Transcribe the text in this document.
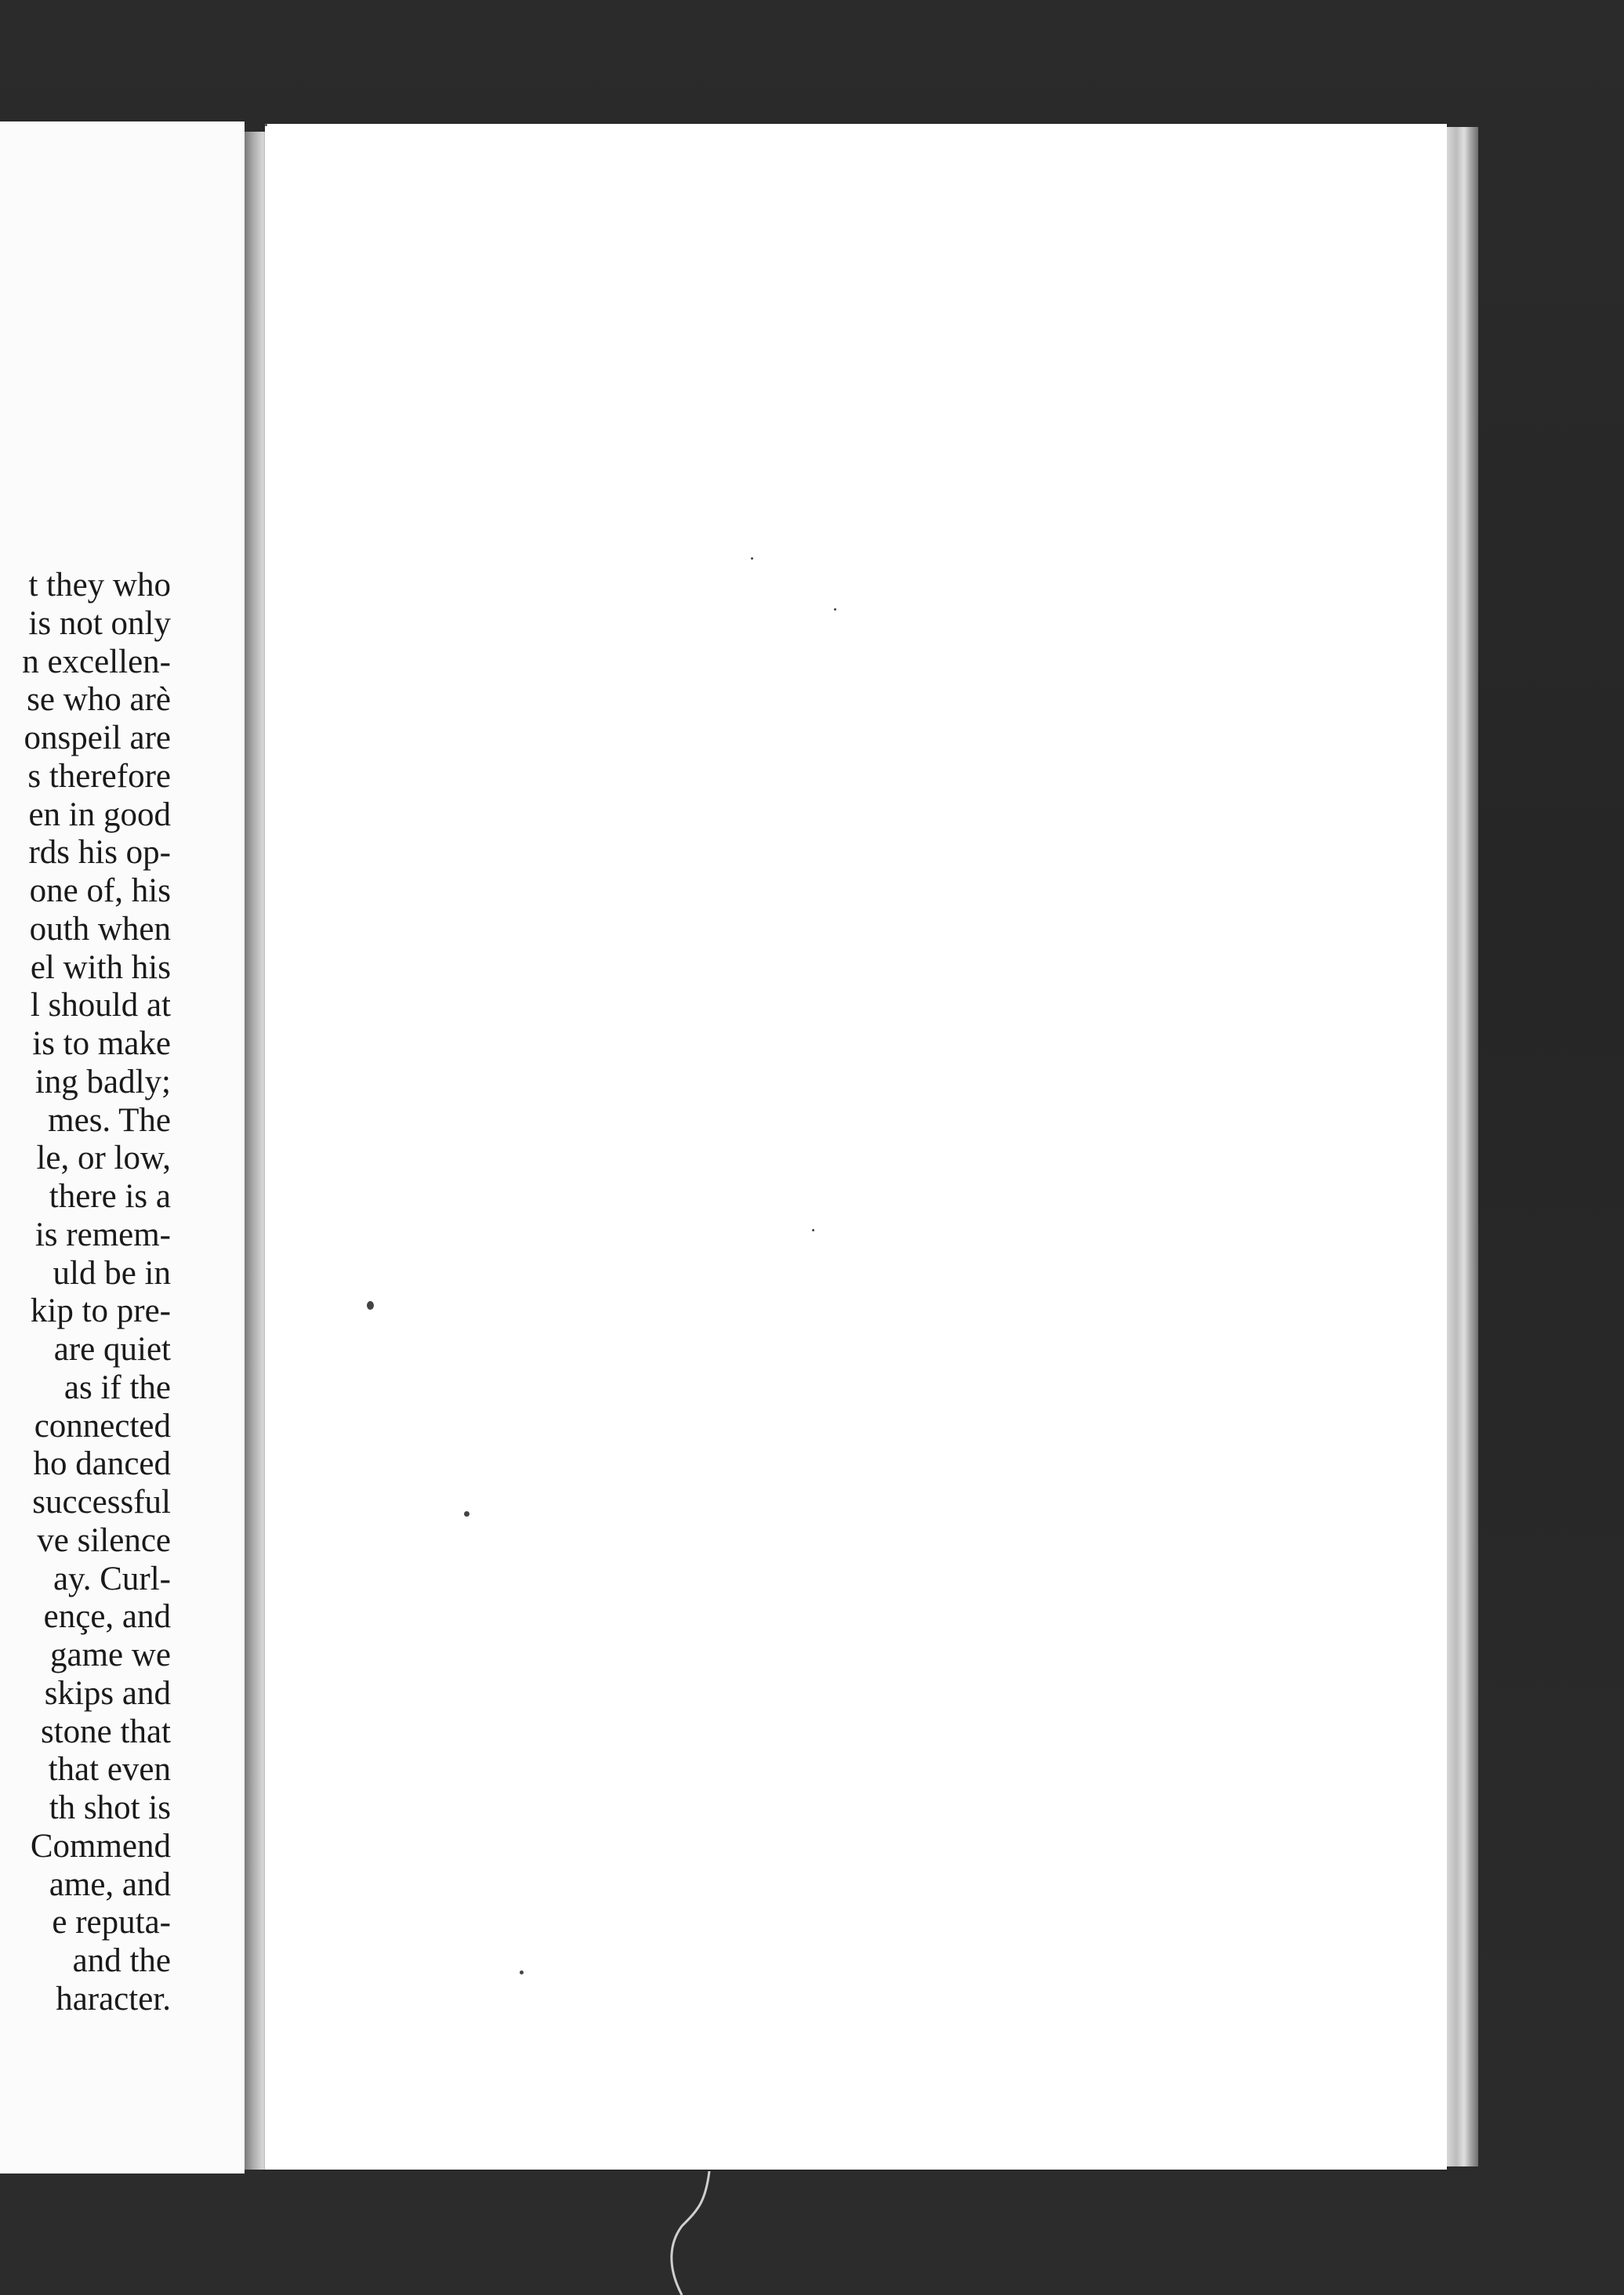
t they who
is not only
n excellen-
se who arè
onspeil are
s therefore
en in good
rds his op-
one of, his
outh when
el with his
l should at
is to make
ing badly;
mes. The
le, or low,
there is a
is remem-
uld be in
kip to pre-
are quiet
as if the
connected
ho danced
successful
ve silence
ay. Curl-
ençe, and
game we
skips and
stone that
that even
th shot is
Commend
ame, and
e reputa-
and the
haracter.
